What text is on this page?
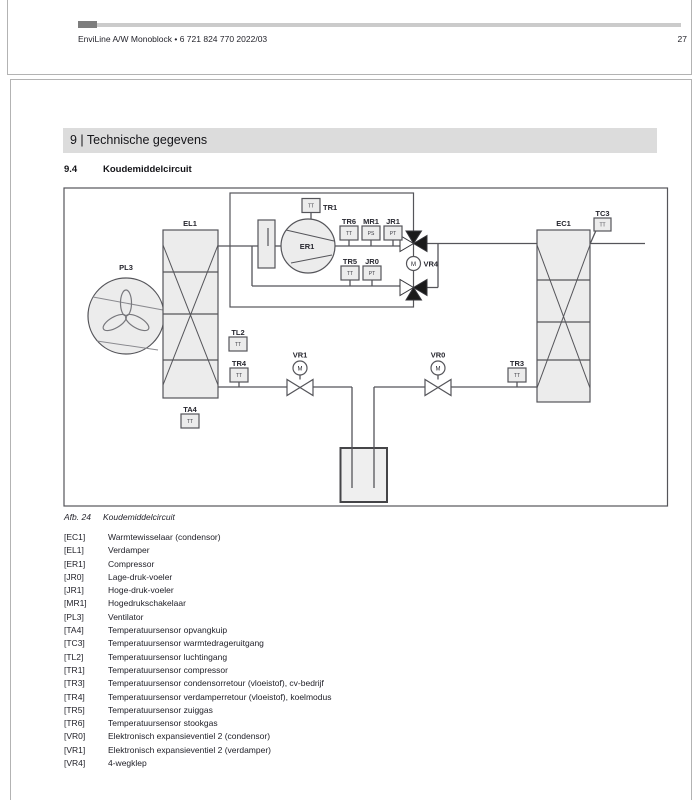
EnviLine A/W Monoblock • 6 721 824 770 2022/03	27
9 | Technische gegevens
9.4	Koudemiddelcircuit
PL3
EL1	EC1
ER1
M VR4
M
VR1
M
VR0
TT TR1
TT
TR6
PS
MR1
PT
JR1
TT
TR5
PT
JR0
TT
TL2
TT
TR4
TT
TA4
TT
TC3
TT
TR3
Afb. 24	Koudemiddelcircuit
[EC1]	Warmtewisselaar (condensor)
[EL1]	Verdamper
[ER1]	Compressor
[JR0]	Lage-druk-voeler
[JR1]	Hoge-druk-voeler
[MR1]	Hogedrukschakelaar
[PL3]	Ventilator
[TA4]	Temperatuursensor opvangkuip
[TC3]	Temperatuursensor warmtedrageruitgang
[TL2]	Temperatuursensor luchtingang
[TR1]	Temperatuursensor compressor
[TR3]	Temperatuursensor condensorretour (vloeistof), cv-bedrijf
[TR4]	Temperatuursensor verdamperretour (vloeistof), koelmodus
[TR5]	Temperatuursensor zuiggas
[TR6]	Temperatuursensor stookgas
[VR0]	Elektronisch expansieventiel 2 (condensor)
[VR1]	Elektronisch expansieventiel 2 (verdamper)
[VR4]	4-wegklep
